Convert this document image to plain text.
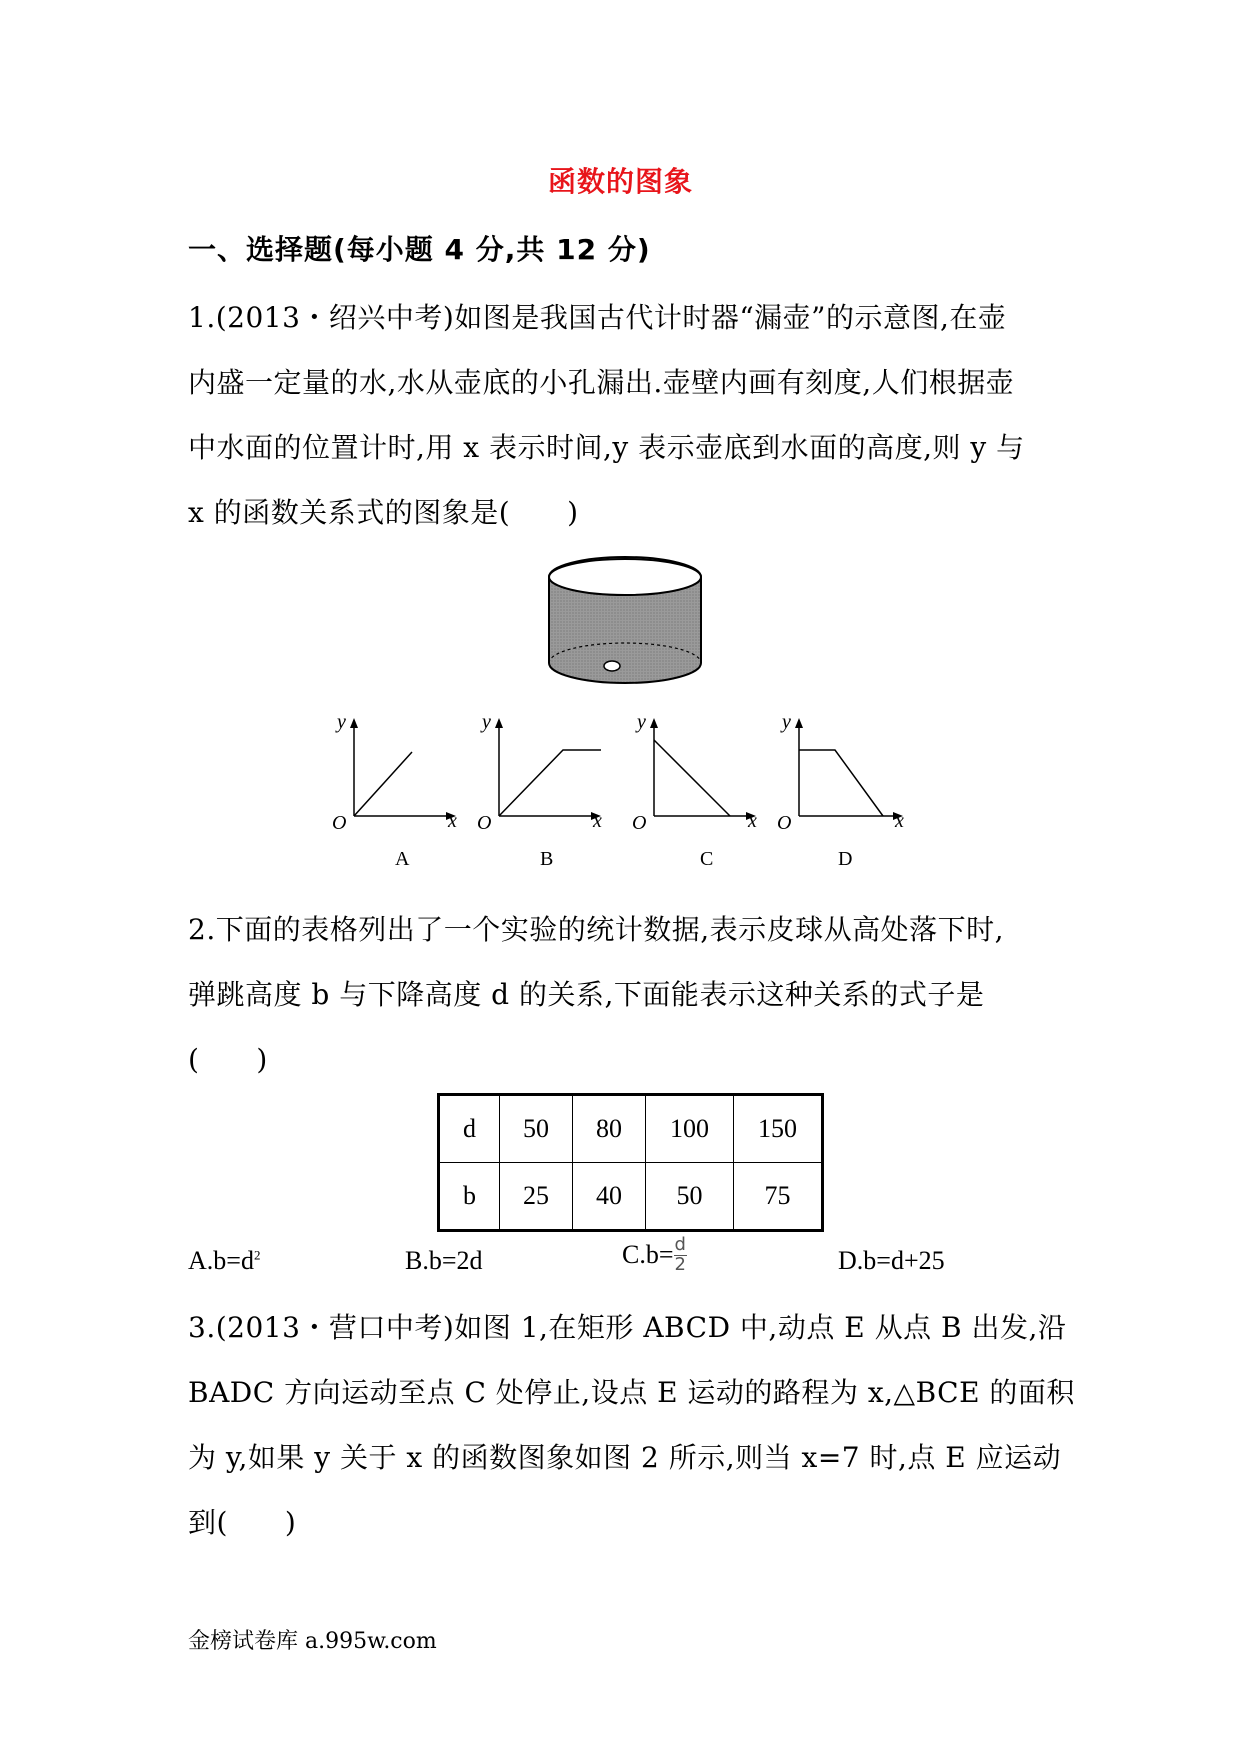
函数的图象
一、选择题(每小题 4 分,共 12 分)
1.(2013・绍兴中考)如图是我国古代计时器“漏壶”的示意图,在壶
内盛一定量的水,水从壶底的小孔漏出.壶壁内画有刻度,人们根据壶
中水面的位置计时,用 x 表示时间,y 表示壶底到水面的高度,则 y 与
x 的函数关系式的图象是(　　)
y
O	x
A
y
O	x
B
y
O	x
C
y
O	x
D
2.下面的表格列出了一个实验的统计数据,表示皮球从高处落下时,
弹跳高度 b 与下降高度 d 的关系,下面能表示这种关系的式子是
(　　)
d	50	80	100	150
b	25	40	50	75
$A.b=d^2$	B.b=2d	$C.b= \frac{d}{2}$	D.b=d+25
3.(2013・营口中考)如图 1,在矩形 ABCD 中,动点 E 从点 B 出发,沿
BADC 方向运动至点 C 处停止,设点 E 运动的路程为 x,△BCE 的面积
为 y,如果 y 关于 x 的函数图象如图 2 所示,则当 x=7 时,点 E 应运动
到(　　)
金榜试卷库 a.995w.com
